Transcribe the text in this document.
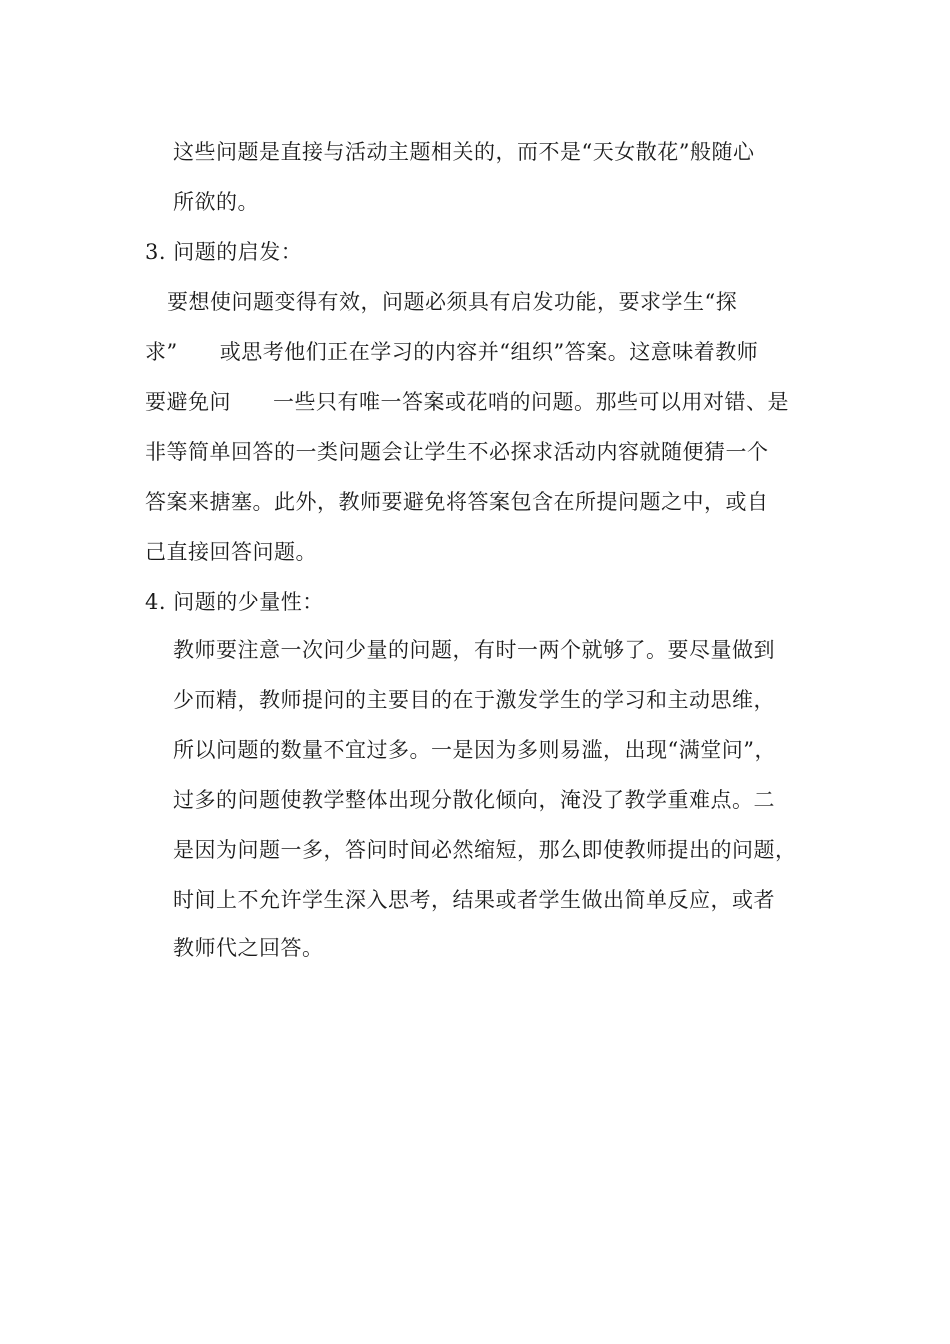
这些问题是直接与活动主题相关的，而不是“天女散花”般随心
所欲的。
3. 问题的启发：
要想使问题变得有效，问题必须具有启发功能，要求学生“探
求” 或思考他们正在学习的内容并“组织”答案。这意味着教师
要避免问 一些只有唯一答案或花哨的问题。那些可以用对错、是
非等简单回答的一类问题会让学生不必探求活动内容就随便猜一个
答案来搪塞。此外，教师要避免将答案包含在所提问题之中，或自
己直接回答问题。
4. 问题的少量性：
教师要注意一次问少量的问题，有时一两个就够了。要尽量做到
少而精，教师提问的主要目的在于激发学生的学习和主动思维，
所以问题的数量不宜过多。一是因为多则易滥，出现“满堂问”，
过多的问题使教学整体出现分散化倾向，淹没了教学重难点。二
是因为问题一多，答问时间必然缩短，那么即使教师提出的问题，
时间上不允许学生深入思考，结果或者学生做出简单反应，或者
教师代之回答。
